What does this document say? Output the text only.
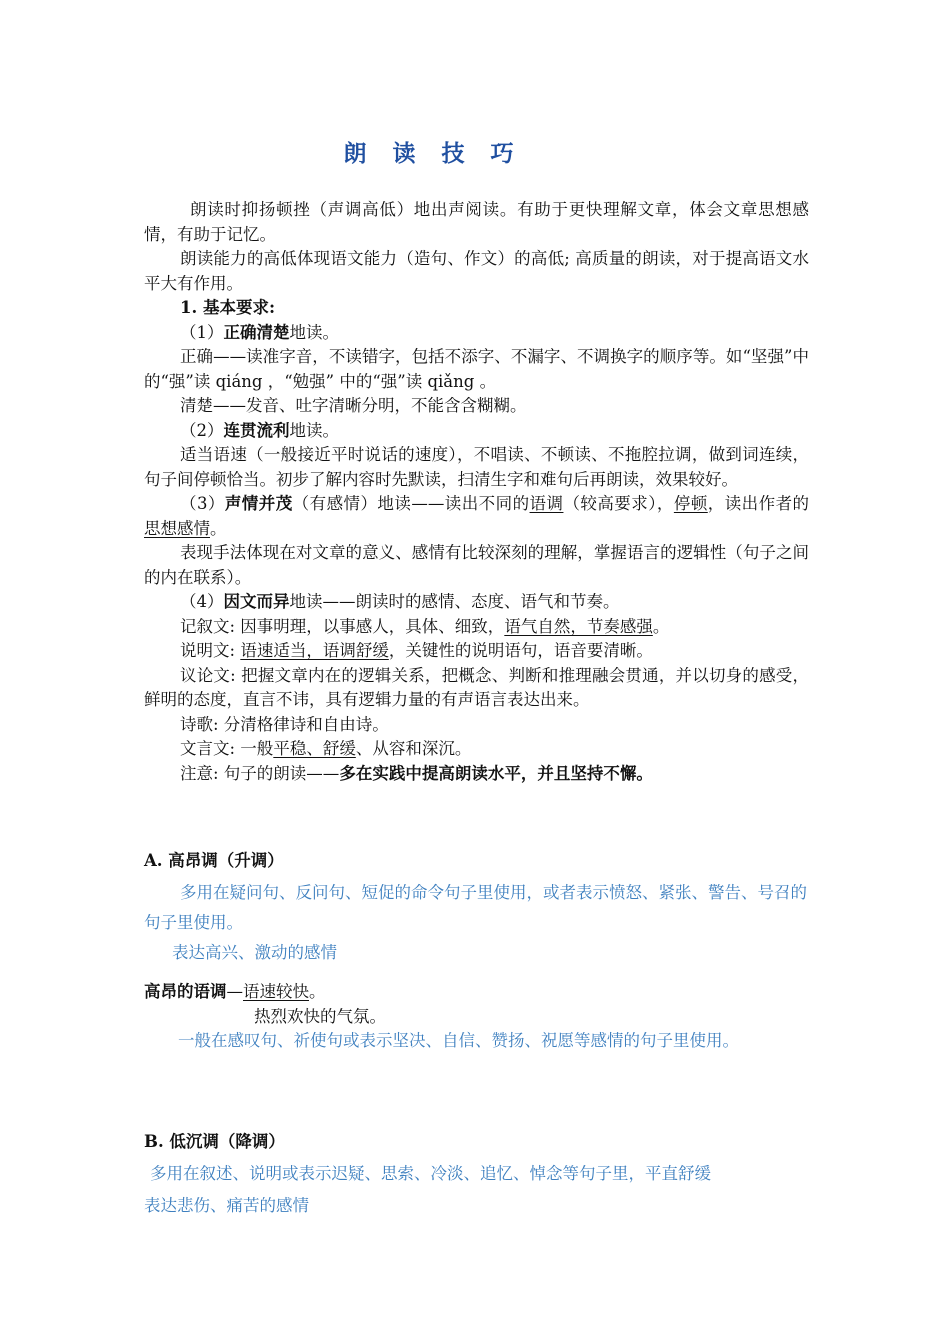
朗 读 技 巧

朗读时抑扬顿挫（声调高低）地出声阅读。有助于更快理解文章，体会文章思想感情，有助于记忆。

朗读能力的高低体现语文能力（造句、作文）的高低; 高质量的朗读，对于提高语文水平大有作用。

1. 基本要求:

（1）正确清楚地读。

正确——读准字音，不读错字，包括不添字、不漏字、不调换字的顺序等。如“坚强”中的“强”读 qiáng ，“勉强” 中的“强”读 qiǎng 。

清楚——发音、吐字清晰分明，不能含含糊糊。

（2）连贯流利地读。

适当语速（一般接近平时说话的速度），不唱读、不顿读、不拖腔拉调，做到词连续，句子间停顿恰当。初步了解内容时先默读，扫清生字和难句后再朗读，效果较好。

（3）声情并茂（有感情）地读——读出不同的语调（较高要求），停顿，读出作者的思想感情。

表现手法体现在对文章的意义、感情有比较深刻的理解，掌握语言的逻辑性（句子之间的内在联系）。

（4）因文而异地读——朗读时的感情、态度、语气和节奏。

记叙文: 因事明理，以事感人，具体、细致，语气自然，节奏感强。

说明文: 语速适当，语调舒缓，关键性的说明语句，语音要清晰。

议论文: 把握文章内在的逻辑关系，把概念、判断和推理融会贯通，并以切身的感受，鲜明的态度，直言不讳，具有逻辑力量的有声语言表达出来。

诗歌: 分清格律诗和自由诗。

文言文: 一般平稳、舒缓、从容和深沉。

注意: 句子的朗读——多在实践中提高朗读水平，并且坚持不懈。

A. 高昂调（升调）

多用在疑问句、反问句、短促的命令句子里使用，或者表示愤怒、紧张、警告、号召的句子里使用。

表达高兴、激动的感情

高昂的语调—语速较快。

热烈欢快的气氛。

一般在感叹句、祈使句或表示坚决、自信、赞扬、祝愿等感情的句子里使用。

B. 低沉调（降调）

多用在叙述、说明或表示迟疑、思索、冷淡、追忆、悼念等句子里，平直舒缓

表达悲伤、痛苦的感情
